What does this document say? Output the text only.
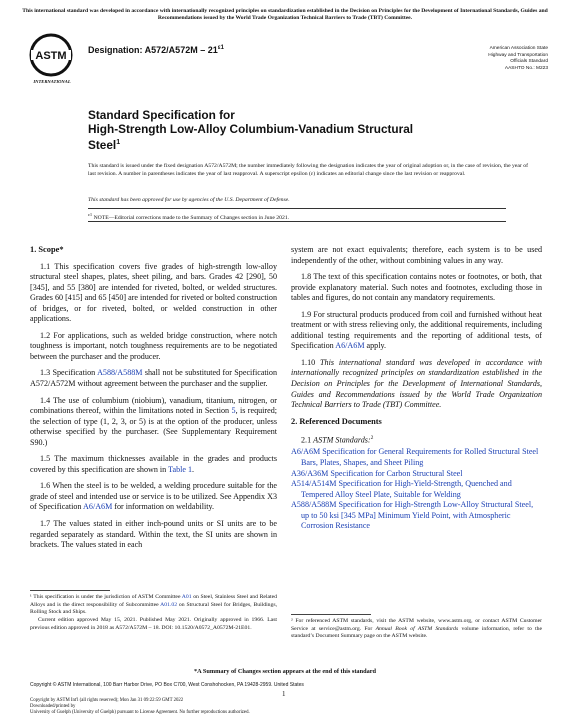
This international standard was developed in accordance with internationally recognized principles on standardization established in the Decision on Principles for the Development of International Standards, Guides and Recommendations issued by the World Trade Organization Technical Barriers to Trade (TBT) Committee.
ASTM
INTERNATIONAL
Designation: $A572/A572M - 21^{\varepsilon 1}$	American Association State
Highway and Transportation
Officials Standard
AASHTO No.: M223
Standard Specification for
High-Strength Low-Alloy Columbium-Vanadium Structural
Steel$^1$
This standard is issued under the fixed designation A572/A572M; the number immediately following the designation indicates the year of original adoption or, in the case of revision, the year of last revision. A number in parentheses indicates the year of last reapproval. A superscript epsilon (ε) indicates an editorial change since the last revision or reapproval.
This standard has been approved for use by agencies of the U.S. Department of Defense.
$^{\varepsilon 1}$ NOTE—Editorial corrections made to the Summary of Changes section in June 2021.
1. Scope*

1.1 This specification covers five grades of high-strength low-alloy structural steel shapes, plates, sheet piling, and bars. Grades 42 [290], 50 [345], and 55 [380] are intended for riveted, bolted, or welded structures. Grades 60 [415] and 65 [450] are intended for riveted or bolted construction of bridges, or for riveted, bolted, or welded construction in other applications.

1.2 For applications, such as welded bridge construction, where notch toughness is important, notch toughness requirements are to be negotiated between the purchaser and the producer.

1.3 Specification A588/A588M shall not be substituted for Specification A572/A572M without agreement between the purchaser and the supplier.

1.4 The use of columbium (niobium), vanadium, titanium, nitrogen, or combinations thereof, within the limitations noted in Section 5, is required; the selection of type (1, 2, 3, or 5) is at the option of the producer, unless otherwise specified by the purchaser. (See Supplementary Requirement S90.)

1.5 The maximum thicknesses available in the grades and products covered by this specification are shown in Table 1.

1.6 When the steel is to be welded, a welding procedure suitable for the grade of steel and intended use or service is to be utilized. See Appendix X3 of Specification A6/A6M for information on weldability.

1.7 The values stated in either inch-pound units or SI units are to be regarded separately as standard. Within the text, the SI units are shown in brackets. The values stated in each

¹ This specification is under the jurisdiction of ASTM Committee A01 on Steel, Stainless Steel and Related Alloys and is the direct responsibility of Subcommittee A01.02 on Structural Steel for Bridges, Buildings, Rolling Stock and Ships.
Current edition approved May 15, 2021. Published May 2021. Originally approved in 1966. Last previous edition approved in 2018 as A572/A572M – 18. DOI: 10.1520/A0572_A0572M-21E01.

system are not exact equivalents; therefore, each system is to be used independently of the other, without combining values in any way.

1.8 The text of this specification contains notes or footnotes, or both, that provide explanatory material. Such notes and footnotes, excluding those in tables and figures, do not contain any mandatory requirements.

1.9 For structural products produced from coil and furnished without heat treatment or with stress relieving only, the additional requirements, including additional testing requirements and the reporting of additional tests, of Specification A6/A6M apply.

1.10 This international standard was developed in accordance with internationally recognized principles on standardization established in the Decision on Principles for the Development of International Standards, Guides and Recommendations issued by the World Trade Organization Technical Barriers to Trade (TBT) Committee.

2. Referenced Documents

2.1 ASTM Standards:$^2$

A6/A6M Specification for General Requirements for Rolled Structural Steel Bars, Plates, Shapes, and Sheet Piling
A36/A36M Specification for Carbon Structural Steel
A514/A514M Specification for High-Yield-Strength, Quenched and Tempered Alloy Steel Plate, Suitable for Welding
A588/A588M Specification for High-Strength Low-Alloy Structural Steel, up to 50 ksi [345 MPa] Minimum Yield Point, with Atmospheric Corrosion Resistance
² For referenced ASTM standards, visit the ASTM website, www.astm.org, or contact ASTM Customer Service at service@astm.org. For Annual Book of ASTM Standards volume information, refer to the standard’s Document Summary page on the ASTM website.
*A Summary of Changes section appears at the end of this standard
Copyright © ASTM International, 100 Barr Harbor Drive, PO Box C700, West Conshohocken, PA 19428-2959. United States
1
Copyright by ASTM Int'l (all rights reserved); Mon Jan 31 09:22:59 GMT 2022
Downloaded/printed by
University of Guelph (University of Guelph) pursuant to License Agreement. No further reproductions authorized.
